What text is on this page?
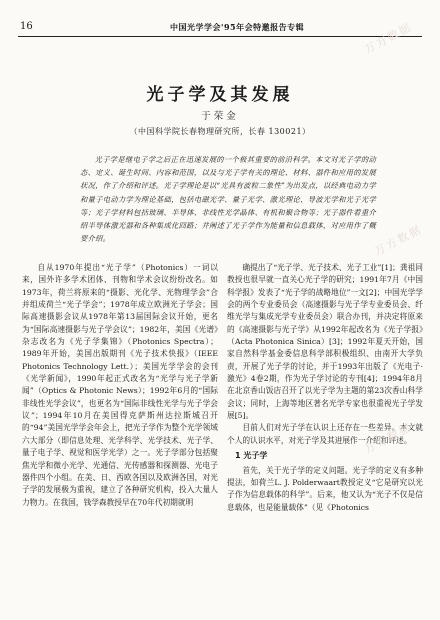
16	中国光学学会'95年会特邀报告专辑
光子学及其发展
于荣金
（中国科学院长春物理研究所，长春 130021）

光子学是继电子学之后正在迅速发展的一个极其重要的前沿科学。本文对光子学的动态、定义、诞生时间、内容和范围，以及与光子学有关的理论、材料、器件和应用的发展状况，作了介绍和评述。光子学理论是以“光具有波粒二象性”为出发点，以经典电动力学和量子电动力学为理论基础，包括电磁光学、量子光学、激光理论、导波光学和光子光学等；光子学材料包括玻璃、半导体、非线性光学晶体、有机和聚合物等；光子器件着重介绍半导体激光器和各种集成化回路；并阐述了光子学作为能量和信息载体，对应用作了概要介绍。

自从1970年提出“光子学”（Photonics）一词以来，国外许多学术团体、刊物和学术会议纷纷改名。如1973年，荷兰将原来的“摄影、光化学、光物理学会”合并组成荷兰“光子学会”；1978年成立欧洲光子学会；国际高速摄影会议从1978年第13届国际会议开始，更名为“国际高速摄影与光子学会议”；1982年，美国《光谱》杂志改名为《光子学集锦》（Photonics Spectra）；1989年开始，美国出版期刊《光子技术快报》（IEEE Photonics Technology Lett.）；美国光学学会的会刊《光学新闻》，1990年起正式改名为“光学与光子学新闻”（Optics & Photonic News）；1992年6月的“国际非线性光学会议”，也更名为“国际非线性光学与光子学会议”；1994年10月在美国得克萨斯州达拉斯城召开的“94”美国光学学会年会上，把光子学作为整个光学领域六大部分（即信息处理、光学科学、光学技术、光子学、量子电子学、视觉和医学光学）之一。光子学部分包括聚焦光学和微小光学、光通信、光传感器和探测器、光电子器件四个小组。在美、日、西欧各国以及欧洲各国，对光子学的发展极为重视，建立了各种研究机构，投入大量人力物力。在我国，钱学森教授早在70年代初期就明

确提出了“光子学、光子技术、光子工业”[1]；龚祖同教授也很早就一直关心光子学的研究；1991年7月《中国科学报》发表了“光子学的战略地位”一文[2]；中国光学学会的两个专业委员会（高速摄影与光子学专业委员会、纤维光学与集成光学专业委员会）联合办刊，并决定将原来的《高速摄影与光子学》从1992年起改名为《光子学报》（Acta Photonica Sinica）[3]；1992年夏天开始，国家自然科学基金委信息科学部积极组织、由南开大学负责，开展了光子学的讨论，并于1993年出版了《光电子·激光》4卷2期，作为光子学讨论的专刊[4]；1994年8月在北京香山饭店召开了以光子学为主题的第23次香山科学会议；同时，上海等地区著名光学专家也很重视光子学发展[5]。

目前人们对光子学在认识上还存在一些差异。本文就个人的认识水平，对光子学及其进展作一介绍和评述。

1 光子学

首先，关于光子学的定义问题。光子学的定义有多种提法，如荷兰L. J. Polderwaart教授定义“它是研究以光子作为信息载体的科学”。后来，他又认为“光子不仅是信息载体，也是能量载体”（见《Photonics

万方数据
万方数据
万方数据
